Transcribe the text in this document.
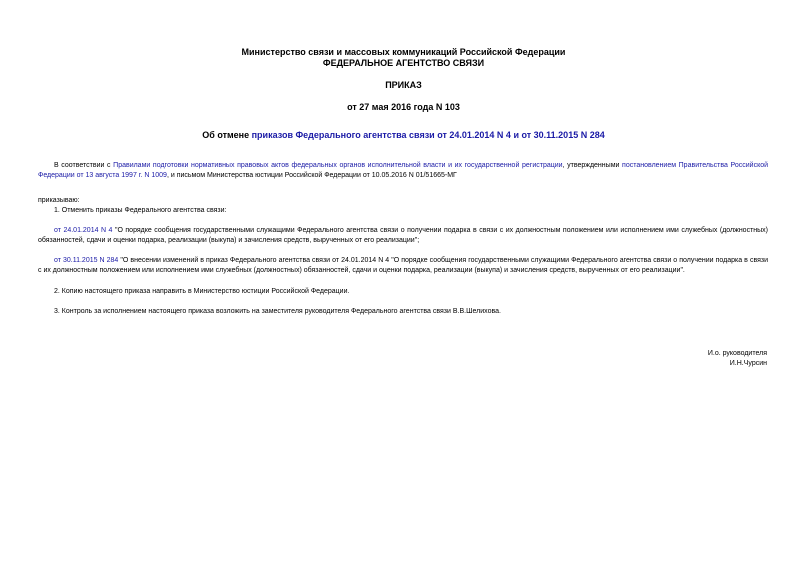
Министерство связи и массовых коммуникаций Российской Федерации
ФЕДЕРАЛЬНОЕ АГЕНТСТВО СВЯЗИ
ПРИКАЗ
от 27 мая 2016 года N 103
Об отмене приказов Федерального агентства связи от 24.01.2014 N 4 и от 30.11.2015 N 284
В соответствии с Правилами подготовки нормативных правовых актов федеральных органов исполнительной власти и их государственной регистрации, утвержденными постановлением Правительства Российской Федерации от 13 августа 1997 г. N 1009, и письмом Министерства юстиции Российской Федерации от 10.05.2016 N 01/51665-МГ
приказываю:
1. Отменить приказы Федерального агентства связи:
от 24.01.2014 N 4 "О порядке сообщения государственными служащими Федерального агентства связи о получении подарка в связи с их должностным положением или исполнением ими служебных (должностных) обязанностей, сдачи и оценки подарка, реализации (выкупа) и зачисления средств, вырученных от его реализации";
от 30.11.2015 N 284 "О внесении изменений в приказ Федерального агентства связи от 24.01.2014 N 4 "О порядке сообщения государственными служащими Федерального агентства связи о получении подарка в связи с их должностным положением или исполнением ими служебных (должностных) обязанностей, сдачи и оценки подарка, реализации (выкупа) и зачисления средств, вырученных от его реализации".
2. Копию настоящего приказа направить в Министерство юстиции Российской Федерации.
3. Контроль за исполнением настоящего приказа возложить на заместителя руководителя Федерального агентства связи В.В.Шелихова.
И.о. руководителя
И.Н.Чурсин
